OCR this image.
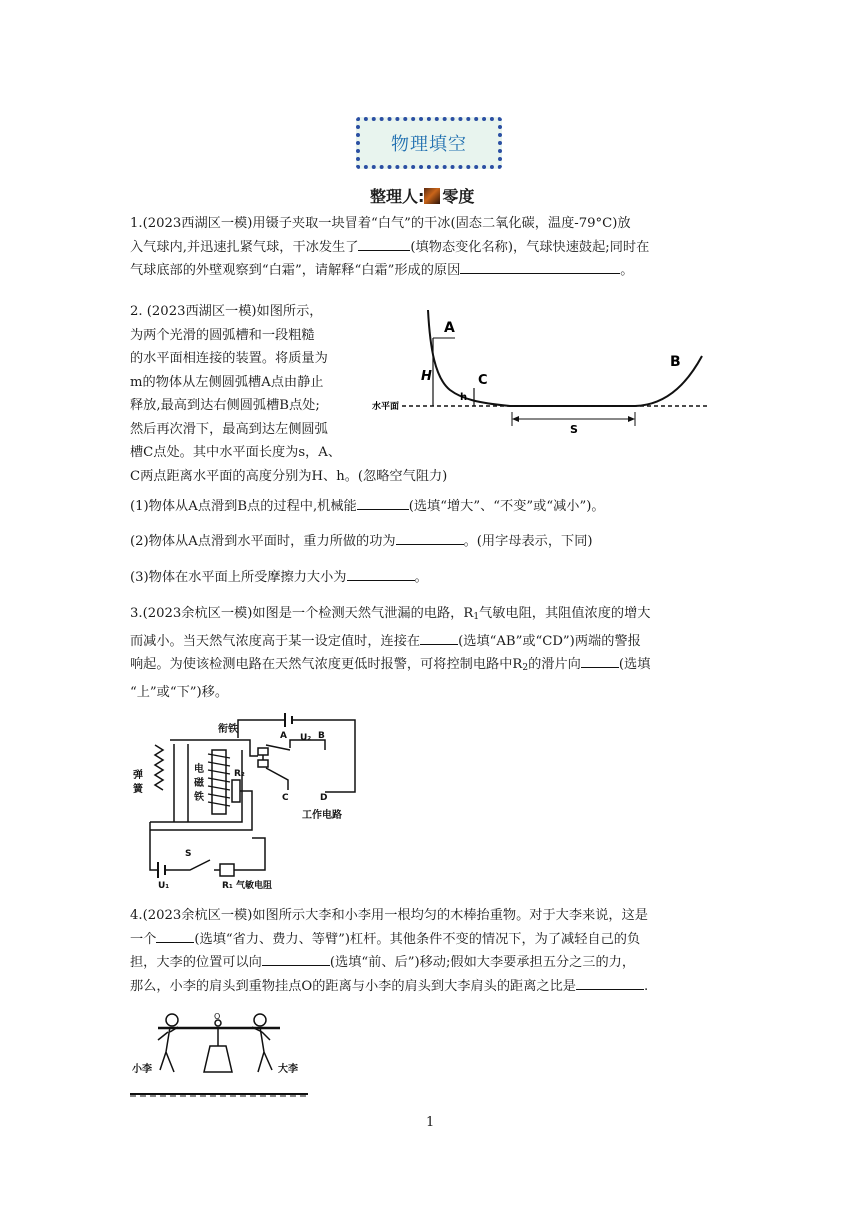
物理填空
整理人: 零度
1.(2023西湖区一模)用镊子夹取一块冒着“白气”的干冰(固态二氧化碳，温度-79°C)放
入气球内,并迅速扎紧气球，干冰发生了	(填物态变化名称)，气球快速鼓起;同时在
气球底部的外壁观察到“白霜”，请解释“白霜”形成的原因	。
2. (2023西湖区一模)如图所示，
为两个光滑的圆弧槽和一段粗糙
的水平面相连接的装置。将质量为
m的物体从左侧圆弧槽A点由静止
释放,最高到达右侧圆弧槽B点处;
然后再次滑下，最高到达左侧圆弧
槽C点处。其中水平面长度为s，A、
C两点距离水平面的高度分别为H、h。(忽略空气阻力)
A
B
C
H
h
S
水平面
(1)物体从A点滑到B点的过程中,机械能	(选填“增大”、“不变”或“减小”)。
(2)物体从A点滑到水平面时，重力所做的功为	。(用字母表示，下同)
(3)物体在水平面上所受摩擦力大小为	。
3.(2023余杭区一模)如图是一个检测天然气泄漏的电路，$R_1$气敏电阻，其阻值浓度的增大
而减小。当天然气浓度高于某一设定值时，连接在	(选填“AB”或“CD”)两端的警报
响起。为使该检测电路在天然气浓度更低时报警，可将控制电路中$R_2$的滑片向	(选填
“上”或“下”)移。
衔铁
A	B
C	D
U₂
R₂
工作电路
S
U₁	R₁ 气敏电阻
弹
簧
电
磁
铁
4.(2023余杭区一模)如图所示大李和小李用一根均匀的木棒抬重物。对于大李来说，这是
一个	(选填“省力、费力、等臂”)杠杆。其他条件不变的情况下，为了减轻自己的负
担，大李的位置可以向	(选填“前、后”)移动;假如大李要承担五分之三的力，
那么，小李的肩头到重物挂点O的距离与小李的肩头到大李肩头的距离之比是	.
O
小李	大李
1
